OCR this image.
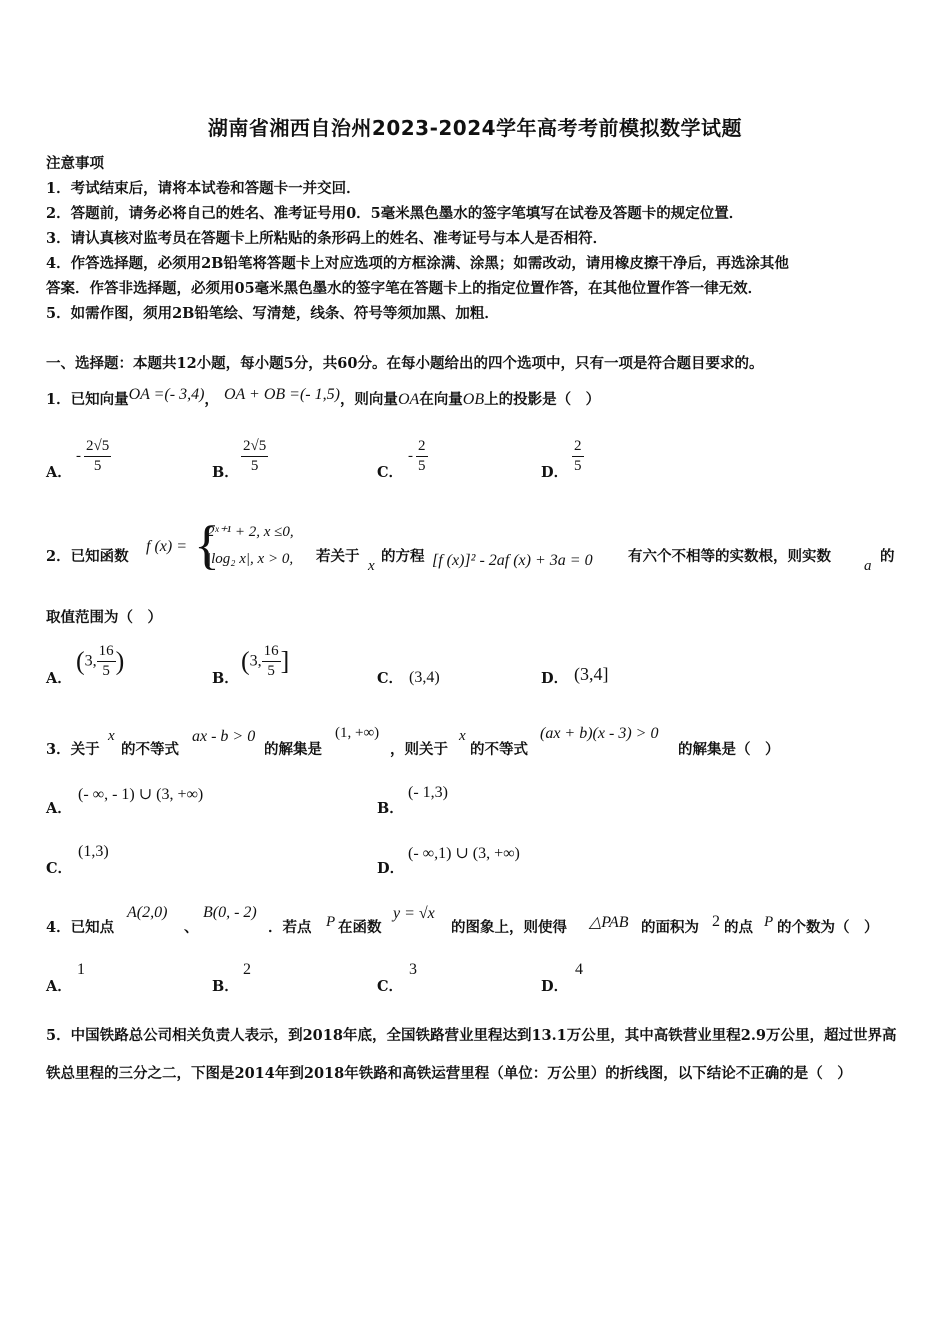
湖南省湘西自治州2023-2024学年高考考前模拟数学试题
注意事项
1．考试结束后，请将本试卷和答题卡一并交回．
2．答题前，请务必将自己的姓名、准考证号用0．5毫米黑色墨水的签字笔填写在试卷及答题卡的规定位置．
3．请认真核对监考员在答题卡上所粘贴的条形码上的姓名、准考证号与本人是否相符．
4．作答选择题，必须用2B铅笔将答题卡上对应选项的方框涂满、涂黑；如需改动，请用橡皮擦干净后，再选涂其他
答案．作答非选择题，必须用05毫米黑色墨水的签字笔在答题卡上的指定位置作答，在其他位置作答一律无效．
5．如需作图，须用2B铅笔绘、写清楚，线条、符号等须加黑、加粗．
一、选择题：本题共12小题，每小题5分，共60分。在每小题给出的四个选项中，只有一项是符合题目要求的。
1．已知向量OA =(- 3,4)， OA + OB =(- 1,5)，则向量OA在向量OB上的投影是（　）
A．
- $\frac{2√5}{5}$	B． $\frac{2√5}{5}$	C．
- $\frac{2}{5}$	D． $\frac{2}{5}$
2．已知函数
f (x) = {
2ˣ⁺¹ + 2, x ≤0,
|log₂ x|, x > 0, 若关于
x
的方程 [f (x)]² - 2af (x) + 3a = 0 有六个不相等的实数根，则实数
a
的
取值范围为（　）
A．
(3, $\frac{16}{5}$ )
B．
(3, $\frac{16}{5}$ ]
C． (3,4)	D． (3,4]
3．关于
x
的不等式
ax - b > 0
的解集是
(1, +∞)
，则关于
x
的不等式
(ax + b)(x - 3) > 0
的解集是（　）
A．
(- ∞, - 1) ∪ (3, +∞)
B．
(- 1,3)
C．
(1,3)
D．
(- ∞,1) ∪ (3, +∞)
4．已知点
A(2,0)
、
B(0, - 2)
．若点 P 在函数
y = √x
的图象上，则使得 △PAB 的面积为 2 的点 P 的个数为（　）
A．
1
B．
2
C．
3
D．
4
5．中国铁路总公司相关负责人表示，到2018年底，全国铁路营业里程达到13.1万公里，其中高铁营业里程2.9万公里，超过世界高铁总里程的三分之二，下图是2014年到2018年铁路和高铁运营里程（单位：万公里）的折线图，以下结论不正确的是（　）
